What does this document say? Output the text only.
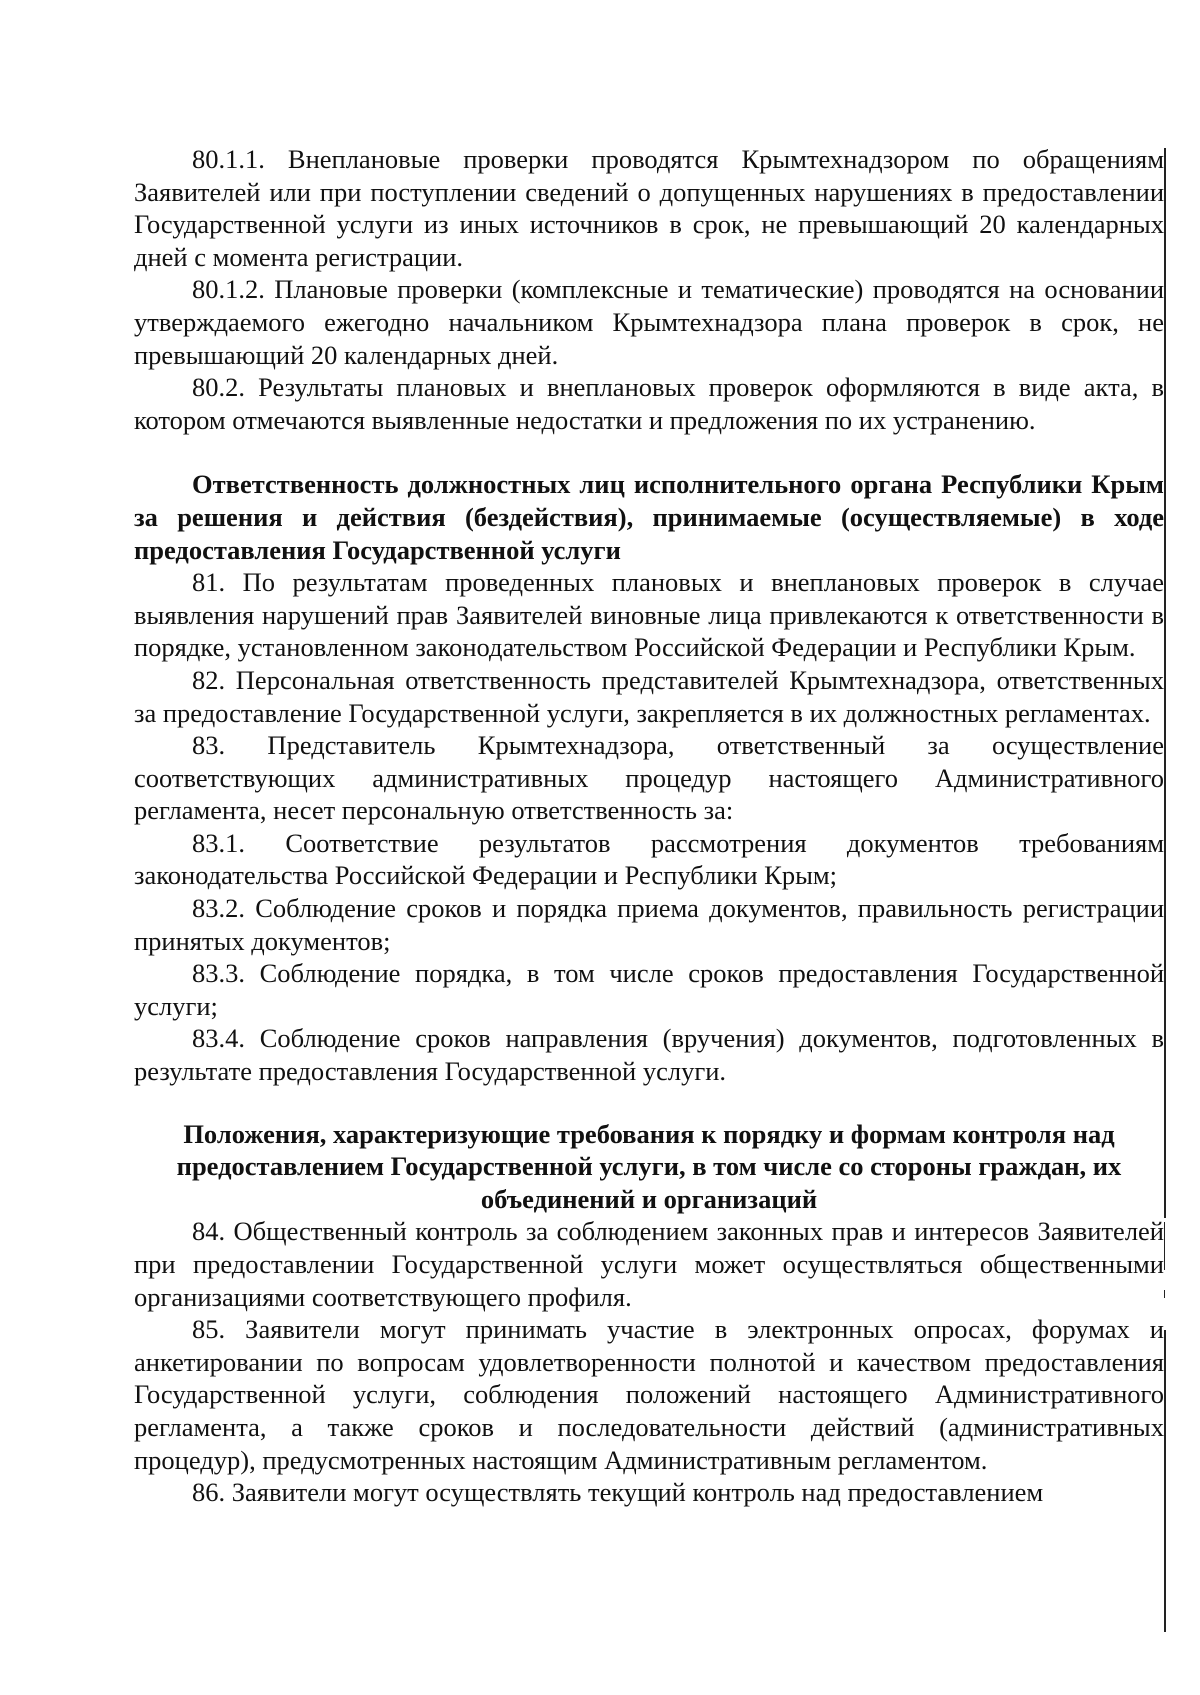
80.1.1. Внеплановые проверки проводятся Крымтехнадзором по обращениям Заявителей или при поступлении сведений о допущенных нарушениях в предоставлении Государственной услуги из иных источников в срок, не превышающий 20 календарных дней с момента регистрации.

80.1.2. Плановые проверки (комплексные и тематические) проводятся на основании утверждаемого ежегодно начальником Крымтехнадзора плана проверок в срок, не превышающий 20 календарных дней.

80.2. Результаты плановых и внеплановых проверок оформляются в виде акта, в котором отмечаются выявленные недостатки и предложения по их устранению.

Ответственность должностных лиц исполнительного органа Республики Крым за решения и действия (бездействия), принимаемые (осуществляемые) в ходе предоставления Государственной услуги

81. По результатам проведенных плановых и внеплановых проверок в случае выявления нарушений прав Заявителей виновные лица привлекаются к ответственности в порядке, установленном законодательством Российской Федерации и Республики Крым.

82. Персональная ответственность представителей Крымтехнадзора, ответственных за предоставление Государственной услуги, закрепляется в их должностных регламентах.

83. Представитель Крымтехнадзора, ответственный за осуществление соответствующих административных процедур настоящего Административного регламента, несет персональную ответственность за:

83.1. Соответствие результатов рассмотрения документов требованиям законодательства Российской Федерации и Республики Крым;

83.2. Соблюдение сроков и порядка приема документов, правильность регистрации принятых документов;

83.3. Соблюдение порядка, в том числе сроков предоставления Государственной услуги;

83.4. Соблюдение сроков направления (вручения) документов, подготовленных в результате предоставления Государственной услуги.

Положения, характеризующие требования к порядку и формам контроля над предоставлением Государственной услуги, в том числе со стороны граждан, их объединений и организаций

84. Общественный контроль за соблюдением законных прав и интересов Заявителей при предоставлении Государственной услуги может осуществляться общественными организациями соответствующего профиля.

85. Заявители могут принимать участие в электронных опросах, форумах и анкетировании по вопросам удовлетворенности полнотой и качеством предоставления Государственной услуги, соблюдения положений настоящего Административного регламента, а также сроков и последовательности действий (административных процедур), предусмотренных настоящим Административным регламентом.

86. Заявители могут осуществлять текущий контроль над предоставлением
